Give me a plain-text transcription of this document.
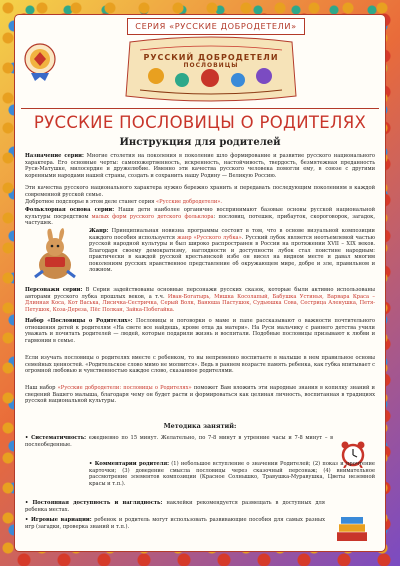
СЕРИЯ «РУССКИЕ ДОБРОДЕТЕЛИ»
РУССКИЙ ДОБРОДЕТЕЛИ
ПОСЛОВИЦЫ
РУССКИЕ ПОСЛОВИЦЫ О РОДИТЕЛЯХ
Инструкция для родителей
Назначение серии: Многие столетия на поколения в поколение шло формирование и развитие русского национального характера. Его основные черты: самопожертвенность, искренность, настойчивость, твердость, безмятежная преданность Руси-Матушке, милосердие и дружелюбие. Именно эти качества русского человека помогли ему, в союзе с другими коренными народами нашей страны, создать и сохранить нашу Родину — Великую Россию.
Эти качества русского национального характера нужно бережно хранить и передавать последующим поколениям в каждой современной русской семье.
Добротное подспорье в этом деле станет серия «Русские добродетели».
Фольклорная основа серии: Наши дети наиболее органично воспринимают базовые основы русской национальной культуры посредством малых форм русского детского фольклора: пословиц, потешек, прибауток, скороговорок, загадок, частушек.
Жанр: Принципиальная новизна программы состоит в том, что в основе визуальной композиции каждого пособия используется жанр «Русского лубка». Русский лубок является неотъемлемой частью русской народной культуры и был широко распространен в России на протяжении XVII – XIX веков. Благодаря своему демократизму, наглядности и доступности лубок стал поистине народным: практически в каждой русской крестьянской избе он висел на видном месте и давал многим поколениям русских нравственное представление об окружающем мире, добре и зле, правильном и ложном.
Персонажи серии: В Серии задействованы основные персонажи русских сказок, которые были активно использованы авторами русского лубка прошлых веков, а т.ч. Иван-Богатырь, Мишка Косолапый, Бабушка Устинья, Варвара Краса – Длинная Коса, Кот Васька, Лисичка-Сестричка, Серый Волк, Ванюша Пастушок, Судьюшка Сова, Сестрица Аленушка, Петя-Петушок, Коза-Дереза, Пёс Полкан, Зайка-Побегайка.
Набор «Пословицы о Родителях»: Пословицы и поговорки о маме и папе рассказывают о важности почтительного отношения детей к родителям «На свете все найдешь, кроме отца да матери». На Руси мальчику с раннего детства учили уважать и почитать родителей — людей, которые подарили жизнь и воспитали. Подобные пословицы призывают к любви и гармонии в семье.
Если изучать пословицы о родителях вместе с ребенком, то вы непременно воспитаете в малыше в нем правильное основы семейных ценностей. «Родительское слово мимо не молвится». Ведь в раннем возрасте память ребенка, как губка впитывает с огромной любовью и чувственностью каждое слово, сказанное родителями.
Наш набор «Русские добродетели: пословицы о Родителях» поможет Вам вложить эти народные знания в копилку знаний и сведений Вашего малыша, благодаря чему он будет расти и формироваться как целиная личность, воспитанная в традициях русской национальной культуры.
Методика занятий:
• Систематичность: ежедневно по 15 минут. Желательно, по 7-8 минут в утренние часы и 7-8 минут – в послеобеденные.
• Комментарии родителя: (1) небольшое вступление о значении Родителей; (2) показ и прочтение карточки; (3) доведение смысла пословицы через сказочный персонаж; (4) внимательное рассмотрение элементов композиции (Красное Солнышко, Травушка-Муравушка, Цветы неземной красы и т.п.).
• Постоянная доступность и наглядность: наклейки рекомендуется размещать в доступных для ребенка местах.
• Игровые вариации: ребенок и родитель могут использовать развивающие пособия для самых разных игр (загадки, проверка знаний и т.п.).
